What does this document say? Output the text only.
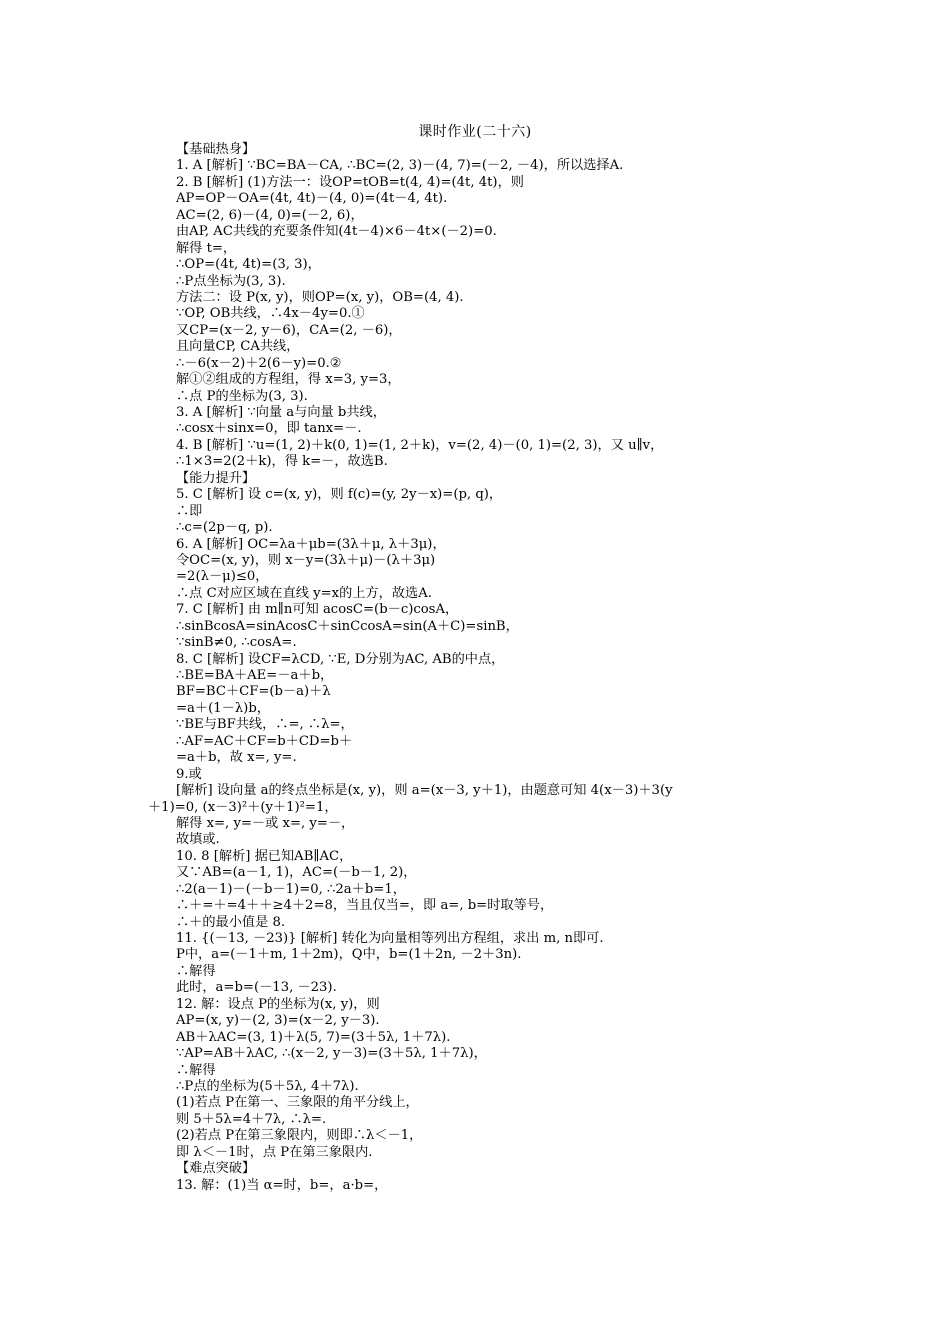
课时作业(二十六)
【基础热身】
1. A [解析] ∵BC=BA－CA, ∴BC=(2, 3)－(4, 7)=(－2, －4)，所以选择A.
2. B [解析] (1)方法一：设OP=tOB=t(4, 4)=(4t, 4t)，则
AP=OP－OA=(4t, 4t)－(4, 0)=(4t－4, 4t).
AC=(2, 6)－(4, 0)=(－2, 6)，
由AP, AC共线的充要条件知(4t－4)×6－4t×(－2)=0.
解得 t=，
∴OP=(4t, 4t)=(3, 3)，
∴P点坐标为(3, 3).
方法二：设 P(x, y)，则OP=(x, y)，OB=(4, 4).
∵OP, OB共线，∴4x－4y=0.①
又CP=(x－2, y－6)，CA=(2, －6)，
且向量CP, CA共线，
∴－6(x－2)＋2(6－y)=0.②
解①②组成的方程组，得 x=3, y=3，
∴点 P的坐标为(3, 3).
3. A [解析] ∵向量 a与向量 b共线，
∴cosx＋sinx=0，即 tanx=－.
4. B [解析] ∵u=(1, 2)＋k(0, 1)=(1, 2＋k)，v=(2, 4)－(0, 1)=(2, 3)，又 u∥v，
∴1×3=2(2＋k)，得 k=－，故选B.
【能力提升】
5. C [解析] 设 c=(x, y)，则 f(c)=(y, 2y－x)=(p, q)，
∴即
∴c=(2p－q, p).
6. A [解析] OC=λa＋μb=(3λ＋μ, λ＋3μ)，
令OC=(x, y)，则 x－y=(3λ＋μ)－(λ＋3μ)
=2(λ－μ)≤0，
∴点 C对应区域在直线 y=x的上方，故选A.
7. C [解析] 由 m∥n可知 acosC=(b－c)cosA，
∴sinBcosA=sinAcosC＋sinCcosA=sin(A＋C)=sinB，
∵sinB≠0, ∴cosA=.
8. C [解析] 设CF=λCD, ∵E, D分别为AC, AB的中点，
∴BE=BA＋AE=－a＋b，
BF=BC＋CF=(b－a)＋λ
=a＋(1－λ)b，
∵BE与BF共线，∴=, ∴λ=，
∴AF=AC＋CF=b＋CD=b＋
=a＋b，故 x=, y=.
9.或
[解析] 设向量 a的终点坐标是(x, y)，则 a=(x－3, y＋1)，由题意可知 4(x－3)＋3(y
＋1)=0, (x－3)²＋(y＋1)²=1，
解得 x=, y=－或 x=, y=－，
故填或.
10. 8 [解析] 据已知AB∥AC，
又∵AB=(a－1, 1)，AC=(－b－1, 2)，
∴2(a－1)－(－b－1)=0, ∴2a＋b=1，
∴＋=＋=4＋＋≥4＋2=8，当且仅当=，即 a=, b=时取等号，
∴＋的最小值是 8.
11. {(－13, －23)} [解析] 转化为向量相等列出方程组，求出 m, n即可.
P中，a=(－1＋m, 1＋2m)，Q中，b=(1＋2n, －2＋3n).
∴解得
此时，a=b=(－13, －23).
12. 解：设点 P的坐标为(x, y)，则
AP=(x, y)－(2, 3)=(x－2, y－3).
AB＋λAC=(3, 1)＋λ(5, 7)=(3＋5λ, 1＋7λ).
∵AP=AB＋λAC, ∴(x－2, y－3)=(3＋5λ, 1＋7λ)，
∴解得
∴P点的坐标为(5＋5λ, 4＋7λ).
(1)若点 P在第一、三象限的角平分线上，
则 5＋5λ=4＋7λ, ∴λ=.
(2)若点 P在第三象限内，则即∴λ＜－1，
即 λ＜－1时，点 P在第三象限内.
【难点突破】
13. 解：(1)当 α=时，b=，a·b=，
